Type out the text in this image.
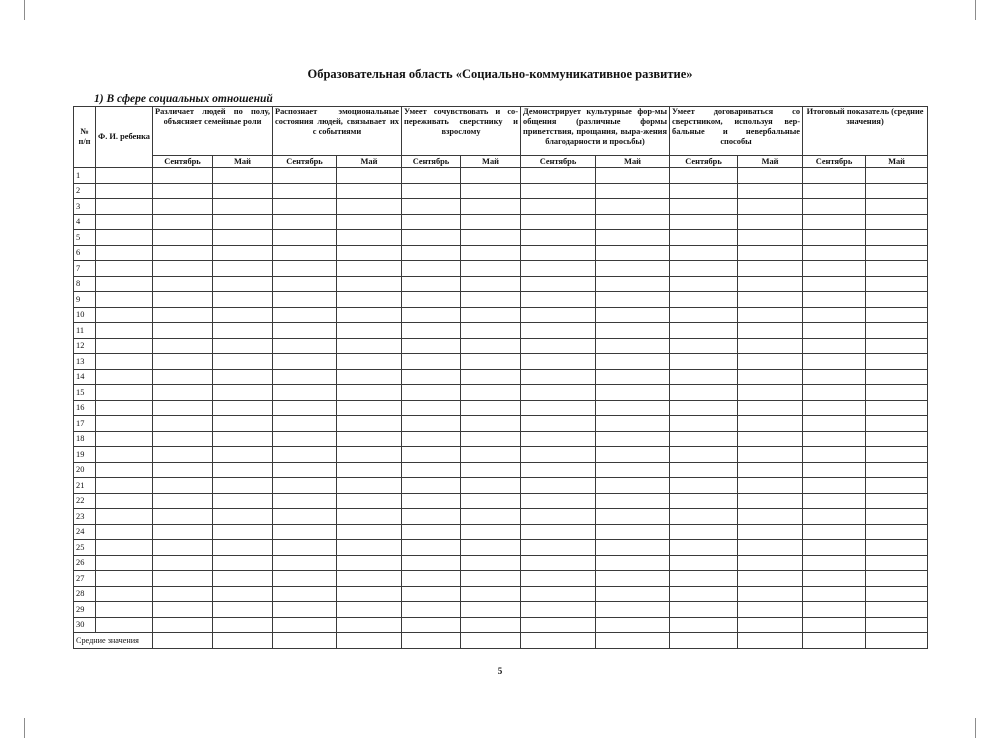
Образовательная область «Социально-коммуникативное развитие»
1) В сфере социальных отношений
№ п/п	Ф. И. ребенка	Различает людей по полу, объясняет семейные роли		Распознает эмоциональные состояния людей, связывает их с событиями		Умеет сочувствовать и со-переживать сверстнику и взрослому		Демонстрирует культурные фор-мы общения (различные формы приветствия, прощания, выра-жения благодарности и просьбы)		Умеет договариваться со сверстником, используя вер-бальные и невербальные способы		Итоговый показатель (средние значения)	
		Сентябрь	Май	Сентябрь	Май	Сентябрь	Май	Сентябрь	Май	Сентябрь	Май	Сентябрь	Май
1													
2													
3													
4													
5													
6													
7													
8													
9													
10													
11													
12													
13													
14													
15													
16													
17													
18													
19													
20													
21													
22													
23													
24													
25													
26													
27													
28													
29													
30													
Средние значения													
5
